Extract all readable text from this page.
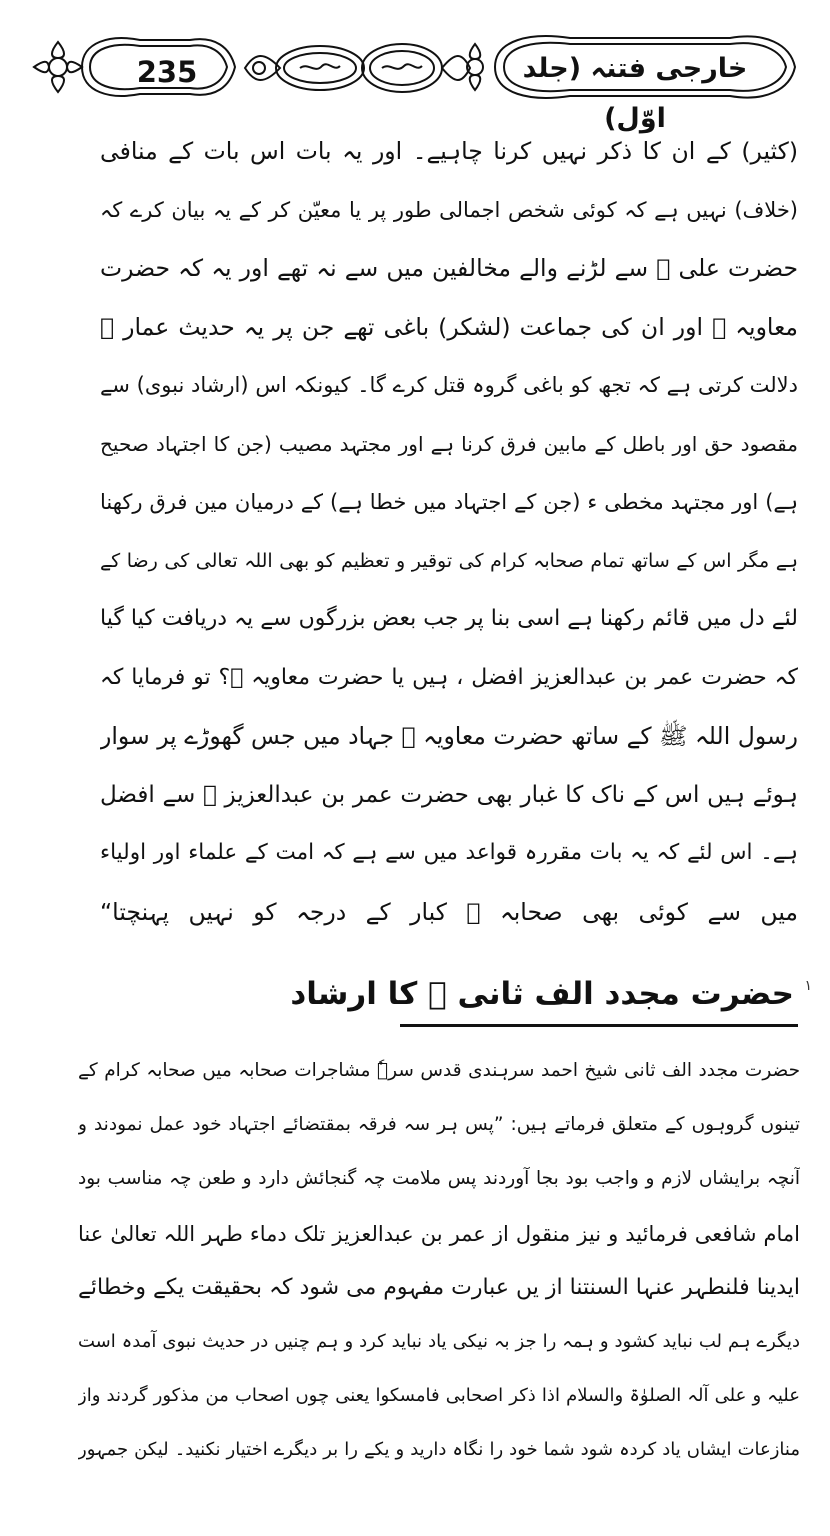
235	خارجی فتنہ (جلد اوّل)
(کثیر) کے ان کا ذکر نہیں کرنا چاہیے۔ اور یہ بات اس بات کے منافی
(خلاف) نہیں ہے کہ کوئی شخص اجمالی طور پر یا معیّن کر کے یہ بیان کرے کہ
حضرت علی ﷛ سے لڑنے والے مخالفین میں سے نہ تھے اور یہ کہ حضرت
معاویہ ﷛ اور ان کی جماعت (لشکر) باغی تھے جن پر یہ حدیث عمار ﷛
دلالت کرتی ہے کہ تجھ کو باغی گروہ قتل کرے گا۔ کیونکہ اس (ارشاد نبوی) سے
مقصود حق اور باطل کے مابین فرق کرنا ہے اور مجتہد مصیب (جن کا اجتہاد صحیح
ہے) اور مجتہد مخطی ء (جن کے اجتہاد میں خطا ہے) کے درمیان مین فرق رکھنا
ہے مگر اس کے ساتھ تمام صحابہ کرام کی توقیر و تعظیم کو بھی اللہ تعالی کی رضا کے
لئے دل میں قائم رکھنا ہے اسی بنا پر جب بعض بزرگوں سے یہ دریافت کیا گیا
کہ حضرت عمر بن عبدالعزیز افضل ، ہیں یا حضرت معاویہ ﷛؟ تو فرمایا کہ
رسول اللہ ﷺ کے ساتھ حضرت معاویہ ﷛ جہاد میں جس گھوڑے پر سوار
ہوئے ہیں اس کے ناک کا غبار بھی حضرت عمر بن عبدالعزیز ﷬ سے افضل
ہے۔ اس لئے کہ یہ بات مقررہ قواعد میں سے ہے کہ امت کے علماء اور اولیاء
میں سے کوئی بھی صحابہ ﷛ کبار کے درجہ کو نہیں پہنچتا“
۱
حضرت مجدد الف ثانی ﷫ کا ارشاد
حضرت مجدد الف ثانی شیخ احمد سرہندی قدس سرہٗ مشاجرات صحابہ میں صحابہ کرام کے
تینوں گروہوں کے متعلق فرماتے ہیں: ”پس ہر سہ فرقہ بمقتضائے اجتہاد خود عمل نمودند و
آنچہ برایشاں لازم و واجب بود بجا آوردند پس ملامت چہ گنجائش دارد و طعن چہ مناسب بود
امام شافعی فرمائید و نیز منقول از عمر بن عبدالعزیز تلک دماء طہر اللہ تعالیٰ عنا
ایدینا فلنطہر عنہا السنتنا از یں عبارت مفہوم می شود کہ بحقیقت یکے وخطائے
دیگرے ہم لب نباید کشود و ہمہ را جز بہ نیکی یاد نباید کرد و ہم چنیں در حدیث نبوی آمدہ است
علیہ و علی آلہ الصلوٰۃ والسلام اذا ذکر اصحابی فامسکوا یعنی چوں اصحاب من مذکور گردند واز
منازعات ایشاں یاد کردہ شود شما خود را نگاہ دارید و یکے را بر دیگرے اختیار نکنید۔ لیکن جمہور
